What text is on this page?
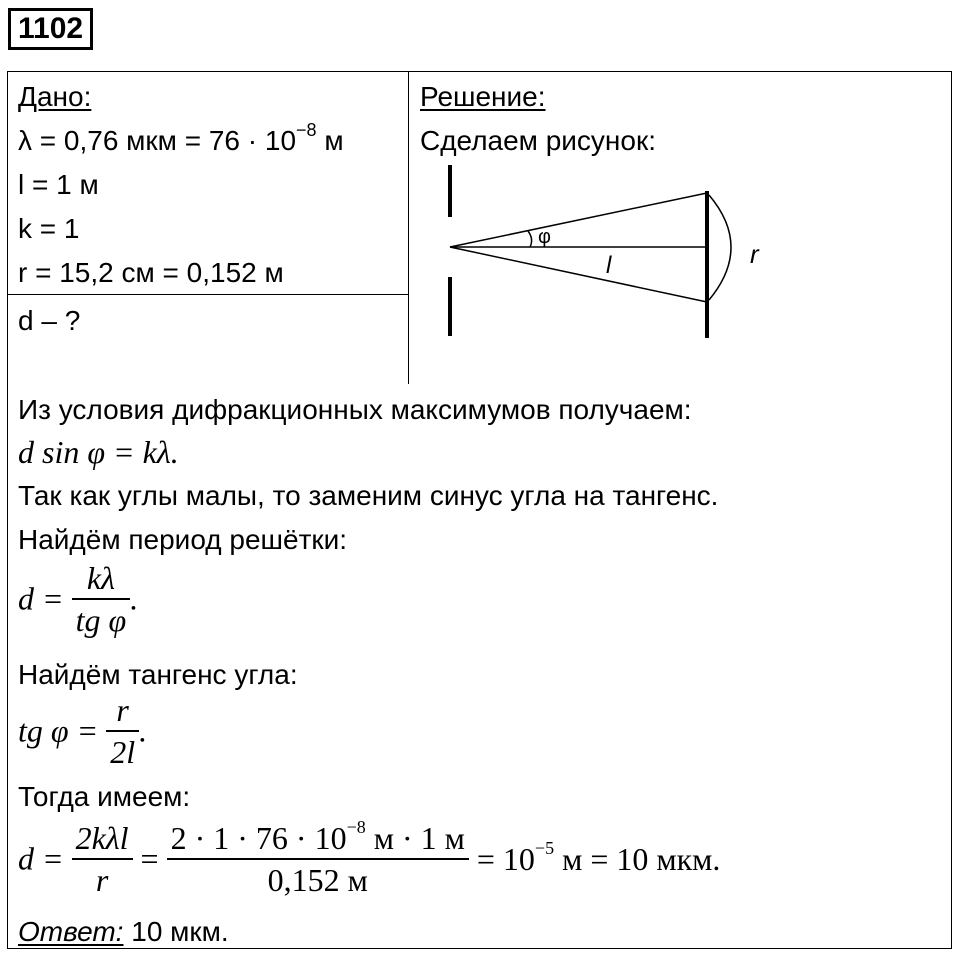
1102
Дано:
λ = 0,76 мкм = $76 \cdot 10^{-8}$ м
l = 1 м
k = 1
r = 15,2 см = 0,152 м
d – ?
Решение:
Сделаем рисунок:
φ
l	r
Из условия дифракционных максимумов получаем:
d sin φ = kλ.
Так как углы малы, то заменим синус угла на тангенс.
Найдём период решётки:
$d = \frac{k\lambda}{\text{tg φ}}$ .
Найдём тангенс угла:
tg $\varphi = \frac{r}{2l}$ .
Тогда имеем:
$d = \frac{\text{2kλl}}{r} = \frac{2 \cdot 1 \cdot 76 \cdot 10^{-8} м \cdot 1 м}{0,152 м} = 10^{-5}$ м = 10 мкм.
Ответ: 10 мкм.
